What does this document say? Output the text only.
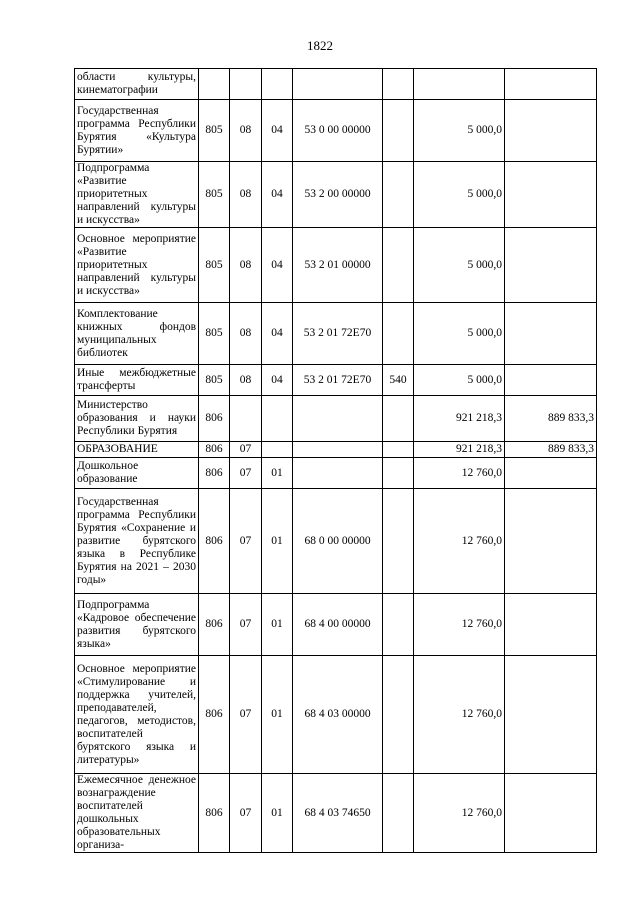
1822
области культуры, кинематографии							
Государственная программа Республики Бурятия «Культура Бурятии»	805	08	04	53 0 00 00000		5 000,0	
Подпрограмма «Развитие приоритетных направлений культуры и искусства»	805	08	04	53 2 00 00000		5 000,0	
Основное мероприятие «Развитие приоритетных направлений культуры и искусства»	805	08	04	53 2 01 00000		5 000,0	
Комплектование книжных фондов муниципальных библиотек	805	08	04	53 2 01 72Е70		5 000,0	
Иные межбюджетные трансферты	805	08	04	53 2 01 72Е70	540	5 000,0	
Министерство образования и науки Республики Бурятия	806					921 218,3	889 833,3
ОБРАЗОВАНИЕ	806	07				921 218,3	889 833,3
Дошкольное образование	806	07	01			12 760,0	
Государственная программа Республики Бурятия «Сохранение и развитие бурятского языка в Республике Бурятия на 2021 – 2030 годы»	806	07	01	68 0 00 00000		12 760,0	
Подпрограмма «Кадровое обеспечение развития бурятского языка»	806	07	01	68 4 00 00000		12 760,0	
Основное мероприятие «Стимулирование и поддержка учителей, преподавателей, педагогов, методистов, воспитателей бурятского языка и литературы»	806	07	01	68 4 03 00000		12 760,0	
Ежемесячное денежное вознаграждение воспитателей дошкольных образовательных организа-	806	07	01	68 4 03 74650		12 760,0	
